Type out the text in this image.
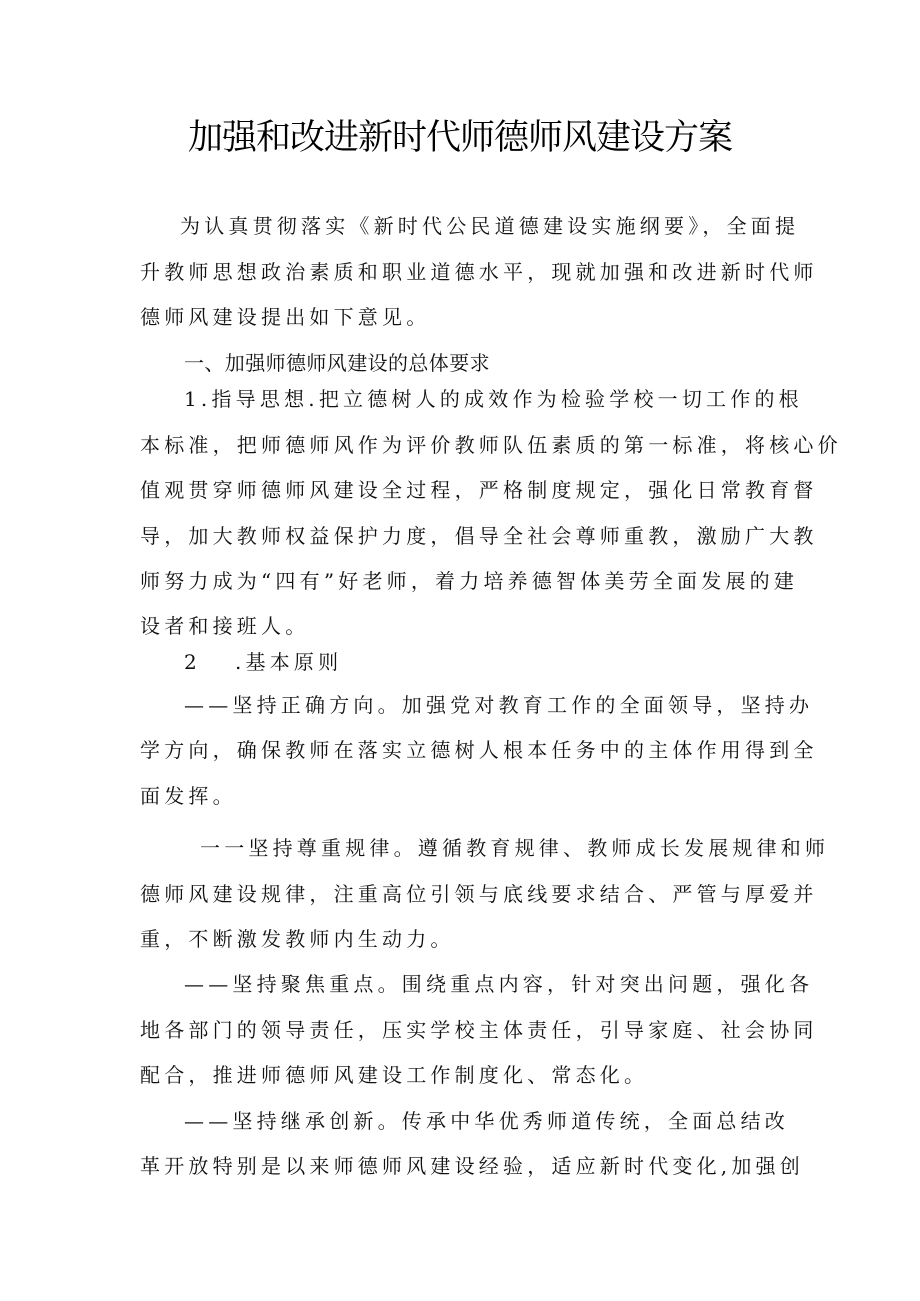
加强和改进新时代师德师风建设方案
为认真贯彻落实《新时代公民道德建设实施纲要》，全面提
升教师思想政治素质和职业道德水平，现就加强和改进新时代师
德师风建设提出如下意见。
一、加强师德师风建设的总体要求
1.指导思想.把立德树人的成效作为检验学校一切工作的根
本标准，把师德师风作为评价教师队伍素质的第一标准，将核心价
值观贯穿师德师风建设全过程，严格制度规定，强化日常教育督
导，加大教师权益保护力度，倡导全社会尊师重教，激励广大教
师努力成为“四有”好老师，着力培养德智体美劳全面发展的建
设者和接班人。
2 .基本原则
——坚持正确方向。加强党对教育工作的全面领导，坚持办
学方向，确保教师在落实立德树人根本任务中的主体作用得到全
面发挥。
一一坚持尊重规律。遵循教育规律、教师成长发展规律和师
德师风建设规律，注重高位引领与底线要求结合、严管与厚爱并
重，不断激发教师内生动力。
——坚持聚焦重点。围绕重点内容，针对突出问题，强化各
地各部门的领导责任，压实学校主体责任，引导家庭、社会协同
配合，推进师德师风建设工作制度化、常态化。
——坚持继承创新。传承中华优秀师道传统，全面总结改
革开放特别是以来师德师风建设经验，适应新时代变化,加强创
